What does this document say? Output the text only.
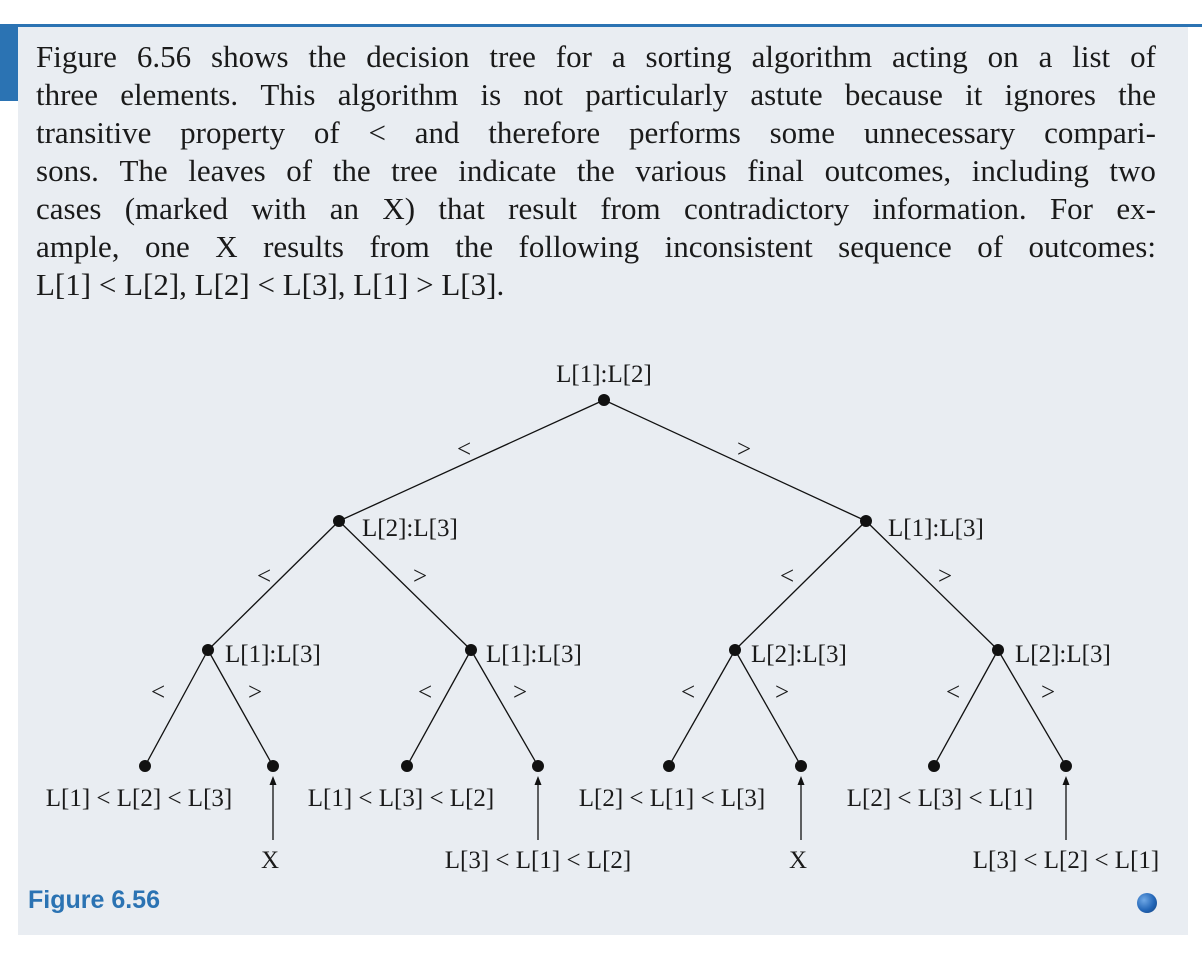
Figure 6.56 shows the decision tree for a sorting algorithm acting on a list of
three elements. This algorithm is not particularly astute because it ignores the
transitive property of < and therefore performs some unnecessary compari-
sons. The leaves of the tree indicate the various final outcomes, including two
cases (marked with an X) that result from contradictory information. For ex-
ample, one X results from the following inconsistent sequence of outcomes:
L[1] < L[2], L[2] < L[3], L[1] > L[3].
L[1]:L[2]
L[2]:L[3]	L[1]:L[3]
L[1]:L[3]	L[1]:L[3]	L[2]:L[3]	L[2]:L[3]
<	>
<	>	<	>
<	>	<	>	<	>	<	>
L[1] < L[2] < L[3]	L[1] < L[3] < L[2]	L[2] < L[1] < L[3]	L[2] < L[3] < L[1]
X	L[3] < L[1] < L[2]	X	L[3] < L[2] < L[1]
Figure 6.56
